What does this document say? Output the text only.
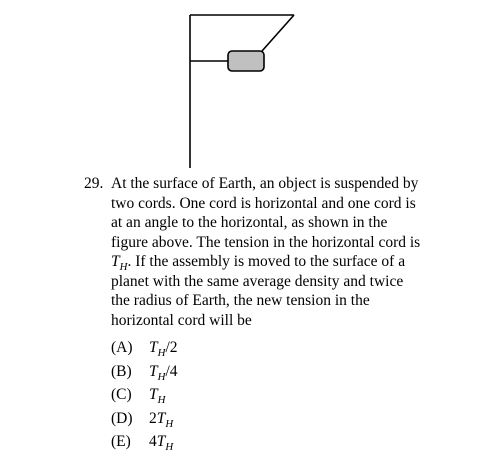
29. At the surface of Earth, an object is suspended by
two cords. One cord is horizontal and one cord is
at an angle to the horizontal, as shown in the
figure above. The tension in the horizontal cord is
$T_H$. If the assembly is moved to the surface of a
planet with the same average density and twice
the radius of Earth, the new tension in the
horizontal cord will be
(A) $T_H/2$
(B) $T_H/4$
(C) $T_H$
(D) $2T_H$
(E) $4T_H$
